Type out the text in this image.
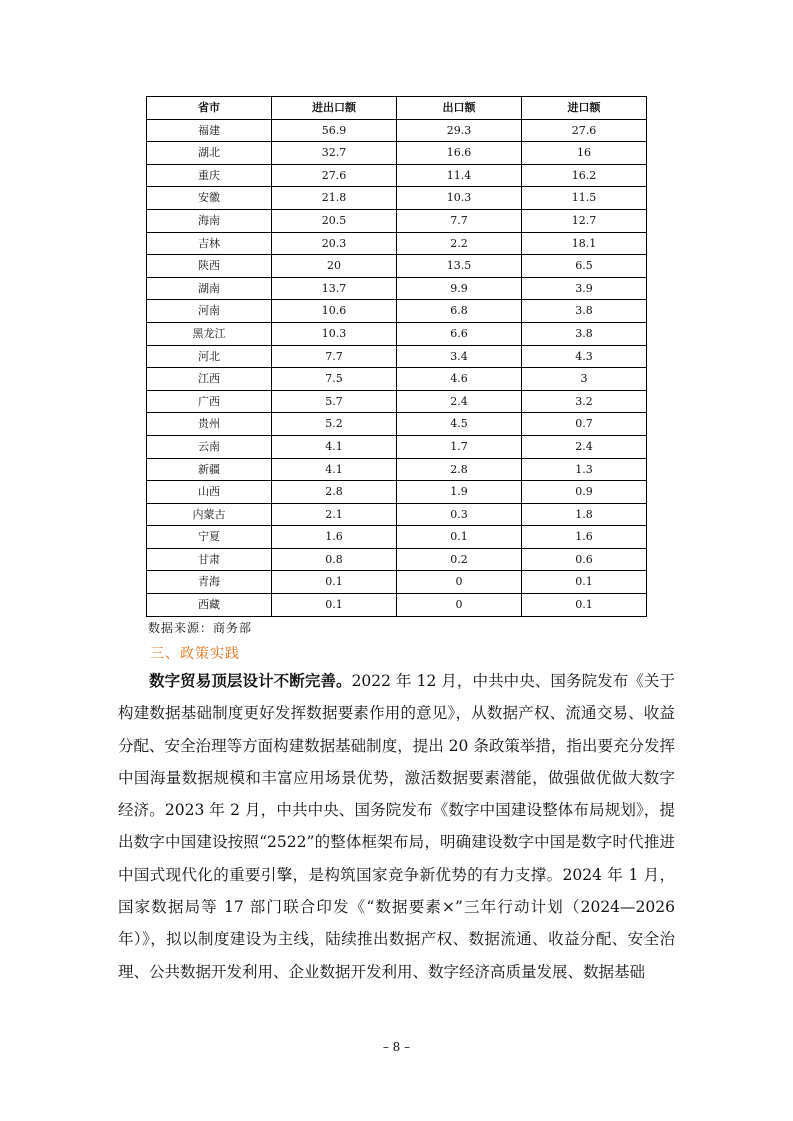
省市	进出口额	出口额	进口额
福建	56.9	29.3	27.6
湖北	32.7	16.6	16
重庆	27.6	11.4	16.2
安徽	21.8	10.3	11.5
海南	20.5	7.7	12.7
吉林	20.3	2.2	18.1
陕西	20	13.5	6.5
湖南	13.7	9.9	3.9
河南	10.6	6.8	3.8
黑龙江	10.3	6.6	3.8
河北	7.7	3.4	4.3
江西	7.5	4.6	3
广西	5.7	2.4	3.2
贵州	5.2	4.5	0.7
云南	4.1	1.7	2.4
新疆	4.1	2.8	1.3
山西	2.8	1.9	0.9
内蒙古	2.1	0.3	1.8
宁夏	1.6	0.1	1.6
甘肃	0.8	0.2	0.6
青海	0.1	0	0.1
西藏	0.1	0	0.1
数据来源：商务部
三、政策实践

数字贸易顶层设计不断完善。2022 年 12 月，中共中央、国务院发布《关于构建数据基础制度更好发挥数据要素作用的意见》，从数据产权、流通交易、收益分配、安全治理等方面构建数据基础制度，提出 20 条政策举措，指出要充分发挥中国海量数据规模和丰富应用场景优势，激活数据要素潜能，做强做优做大数字经济。2023 年 2 月，中共中央、国务院发布《数字中国建设整体布局规划》，提出数字中国建设按照“2522”的整体框架布局，明确建设数字中国是数字时代推进中国式现代化的重要引擎，是构筑国家竞争新优势的有力支撑。2024 年 1 月，国家数据局等 17 部门联合印发《“数据要素×”三年行动计划（2024—2026 年）》，拟以制度建设为主线，陆续推出数据产权、数据流通、收益分配、安全治理、公共数据开发利用、企业数据开发利用、数字经济高质量发展、数据基础

– 8 –
